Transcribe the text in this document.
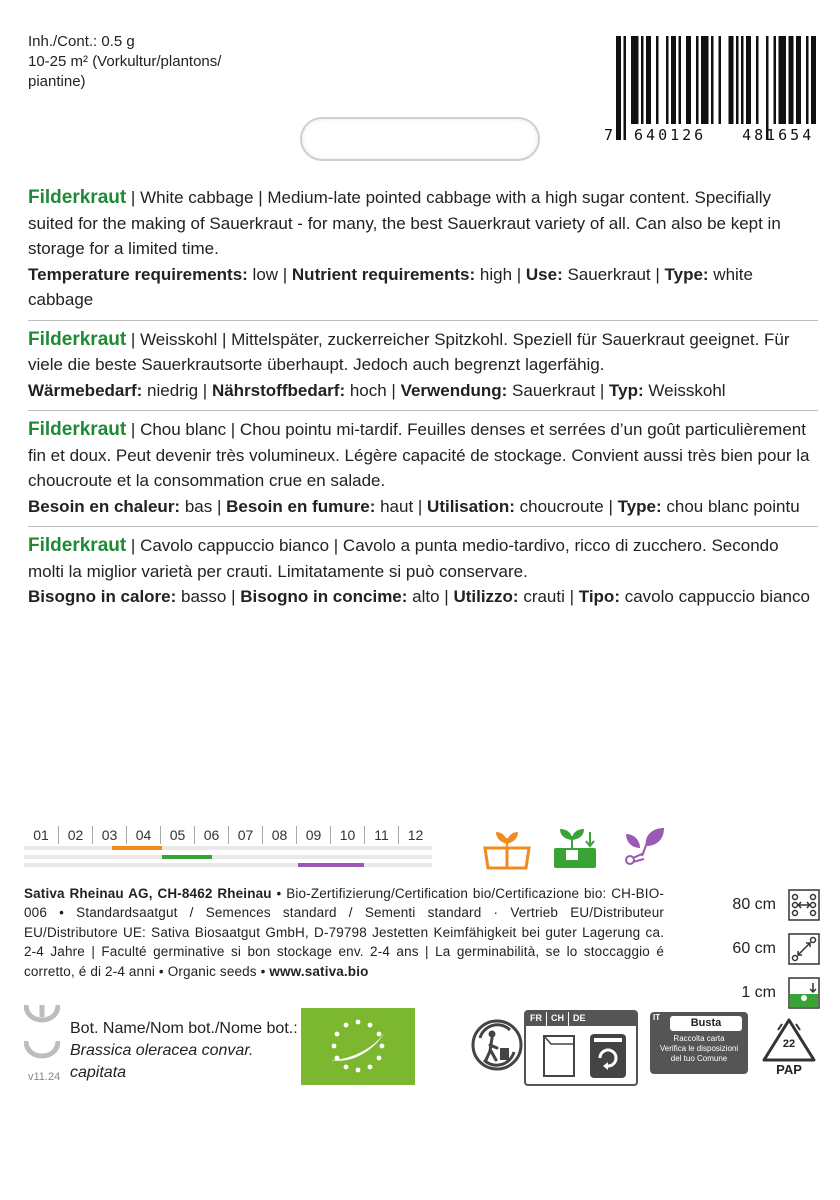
Inh./Cont.: 0.5 g
10-25 m² (Vorkultur/plantons/
piantine)
7 640126 481654
Filderkraut | White cabbage | Medium-late pointed cabbage with a high sugar content. Specifially suited for the making of Sauerkraut - for many, the best Sauerkraut variety of all. Can also be kept in storage for a limited time.
Temperature requirements: low | Nutrient requirements: high | Use: Sauerkraut | Type: white cabbage
Filderkraut | Weisskohl | Mittelspäter, zuckerreicher Spitzkohl. Speziell für Sauerkraut geeignet. Für viele die beste Sauerkrautsorte überhaupt. Jedoch auch begrenzt lagerfähig.
Wärmebedarf: niedrig | Nährstoffbedarf: hoch | Verwendung: Sauerkraut | Typ: Weisskohl
Filderkraut | Chou blanc | Chou pointu mi-tardif. Feuilles denses et serrées d’un goût particulièrement fin et doux. Peut devenir très volumineux. Légère capacité de stockage. Convient aussi très bien pour la choucroute et la consommation crue en salade.
Besoin en chaleur: bas | Besoin en fumure: haut | Utilisation: choucroute | Type: chou blanc pointu
Filderkraut | Cavolo cappuccio bianco | Cavolo a punta medio-tardivo, ricco di zucchero. Secondo molti la miglior varietà per crauti. Limitatamente si può conservare.
Bisogno in calore: basso | Bisogno in concime: alto | Utilizzo: crauti | Tipo: cavolo cappuccio bianco
01	02	03	04	05	06	07	08	09	10	11	12
Sativa Rheinau AG, CH-8462 Rheinau • Bio-Zertifizierung/Certification bio/Certificazione bio: CH-BIO-006 • Standardsaatgut / Semences standard / Sementi standard · Vertrieb EU/Distributeur EU/Distributore UE: Sativa Biosaatgut GmbH, D-79798 Jestetten Keimfähigkeit bei guter Lagerung ca. 2-4 Jahre | Faculté germinative si bon stockage env. 2-4 ans | La germinabilità, se lo stoccaggio é corretto, é di 2-4 anni • Organic seeds • www.sativa.bio
80 cm
60 cm
1 cm
Bot. Name/Nom bot./Nome bot.:
Brassica oleracea convar.
capitata
v11.24
FR	CH	DE	IT	Busta
Raccolta carta
Verifica le disposizioni
del tuo Comune
22
PAP
